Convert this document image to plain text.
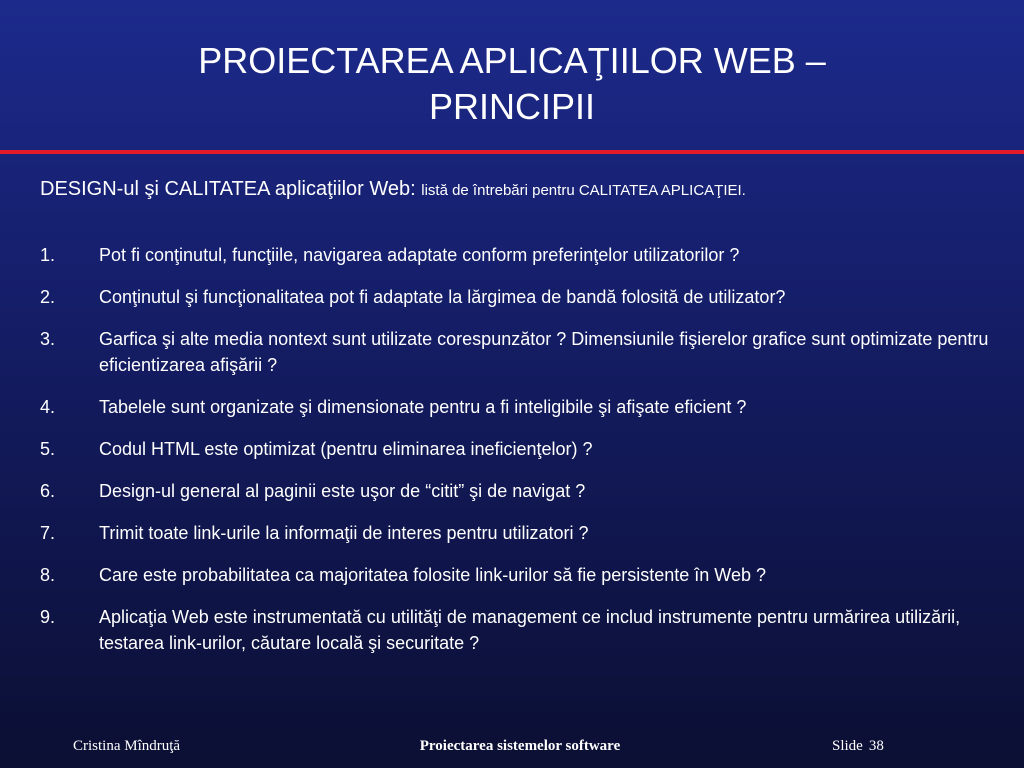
PROIECTAREA APLICAŢIILOR WEB –
PRINCIPII
DESIGN-ul şi CALITATEA aplicaţiilor Web: listă de întrebări pentru CALITATEA APLICAŢIEI.
1. Pot fi conţinutul, funcţiile, navigarea adaptate conform preferinţelor utilizatorilor ?
2. Conţinutul şi funcţionalitatea pot fi adaptate la lărgimea de bandă folosită de utilizator?
3. Garfica şi alte media nontext sunt utilizate corespunzător ? Dimensiunile fişierelor grafice sunt optimizate pentru eficientizarea afişării ?
4. Tabelele sunt organizate şi dimensionate pentru a fi inteligibile şi afişate eficient ?
5. Codul HTML este optimizat (pentru eliminarea ineficienţelor) ?
6. Design-ul general al paginii este uşor de “citit” şi de navigat ?
7. Trimit toate link-urile la informaţii de interes pentru utilizatori ?
8. Care este probabilitatea ca majoritatea folosite link-urilor să fie persistente în Web ?
9. Aplicaţia Web este instrumentată cu utilităţi de management ce includ instrumente pentru urmărirea utilizării, testarea link-urilor, căutare locală şi securitate ?
Cristina Mîndruţă	Proiectarea sistemelor software	Slide 38
